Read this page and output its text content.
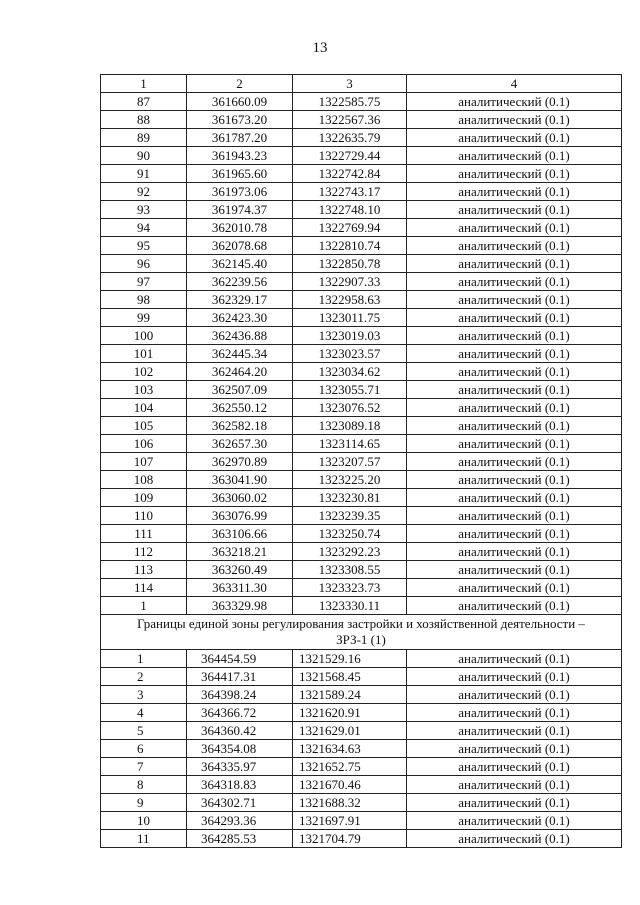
13
1	2	3	4
87	361660.09	1322585.75	аналитический (0.1)
88	361673.20	1322567.36	аналитический (0.1)
89	361787.20	1322635.79	аналитический (0.1)
90	361943.23	1322729.44	аналитический (0.1)
91	361965.60	1322742.84	аналитический (0.1)
92	361973.06	1322743.17	аналитический (0.1)
93	361974.37	1322748.10	аналитический (0.1)
94	362010.78	1322769.94	аналитический (0.1)
95	362078.68	1322810.74	аналитический (0.1)
96	362145.40	1322850.78	аналитический (0.1)
97	362239.56	1322907.33	аналитический (0.1)
98	362329.17	1322958.63	аналитический (0.1)
99	362423.30	1323011.75	аналитический (0.1)
100	362436.88	1323019.03	аналитический (0.1)
101	362445.34	1323023.57	аналитический (0.1)
102	362464.20	1323034.62	аналитический (0.1)
103	362507.09	1323055.71	аналитический (0.1)
104	362550.12	1323076.52	аналитический (0.1)
105	362582.18	1323089.18	аналитический (0.1)
106	362657.30	1323114.65	аналитический (0.1)
107	362970.89	1323207.57	аналитический (0.1)
108	363041.90	1323225.20	аналитический (0.1)
109	363060.02	1323230.81	аналитический (0.1)
110	363076.99	1323239.35	аналитический (0.1)
111	363106.66	1323250.74	аналитический (0.1)
112	363218.21	1323292.23	аналитический (0.1)
113	363260.49	1323308.55	аналитический (0.1)
114	363311.30	1323323.73	аналитический (0.1)
1	363329.98	1323330.11	аналитический (0.1)
Границы единой зоны регулирования застройки и хозяйственной деятельности – ЗРЗ-1 (1)			
1	364454.59	1321529.16	аналитический (0.1)
2	364417.31	1321568.45	аналитический (0.1)
3	364398.24	1321589.24	аналитический (0.1)
4	364366.72	1321620.91	аналитический (0.1)
5	364360.42	1321629.01	аналитический (0.1)
6	364354.08	1321634.63	аналитический (0.1)
7	364335.97	1321652.75	аналитический (0.1)
8	364318.83	1321670.46	аналитический (0.1)
9	364302.71	1321688.32	аналитический (0.1)
10	364293.36	1321697.91	аналитический (0.1)
11	364285.53	1321704.79	аналитический (0.1)
